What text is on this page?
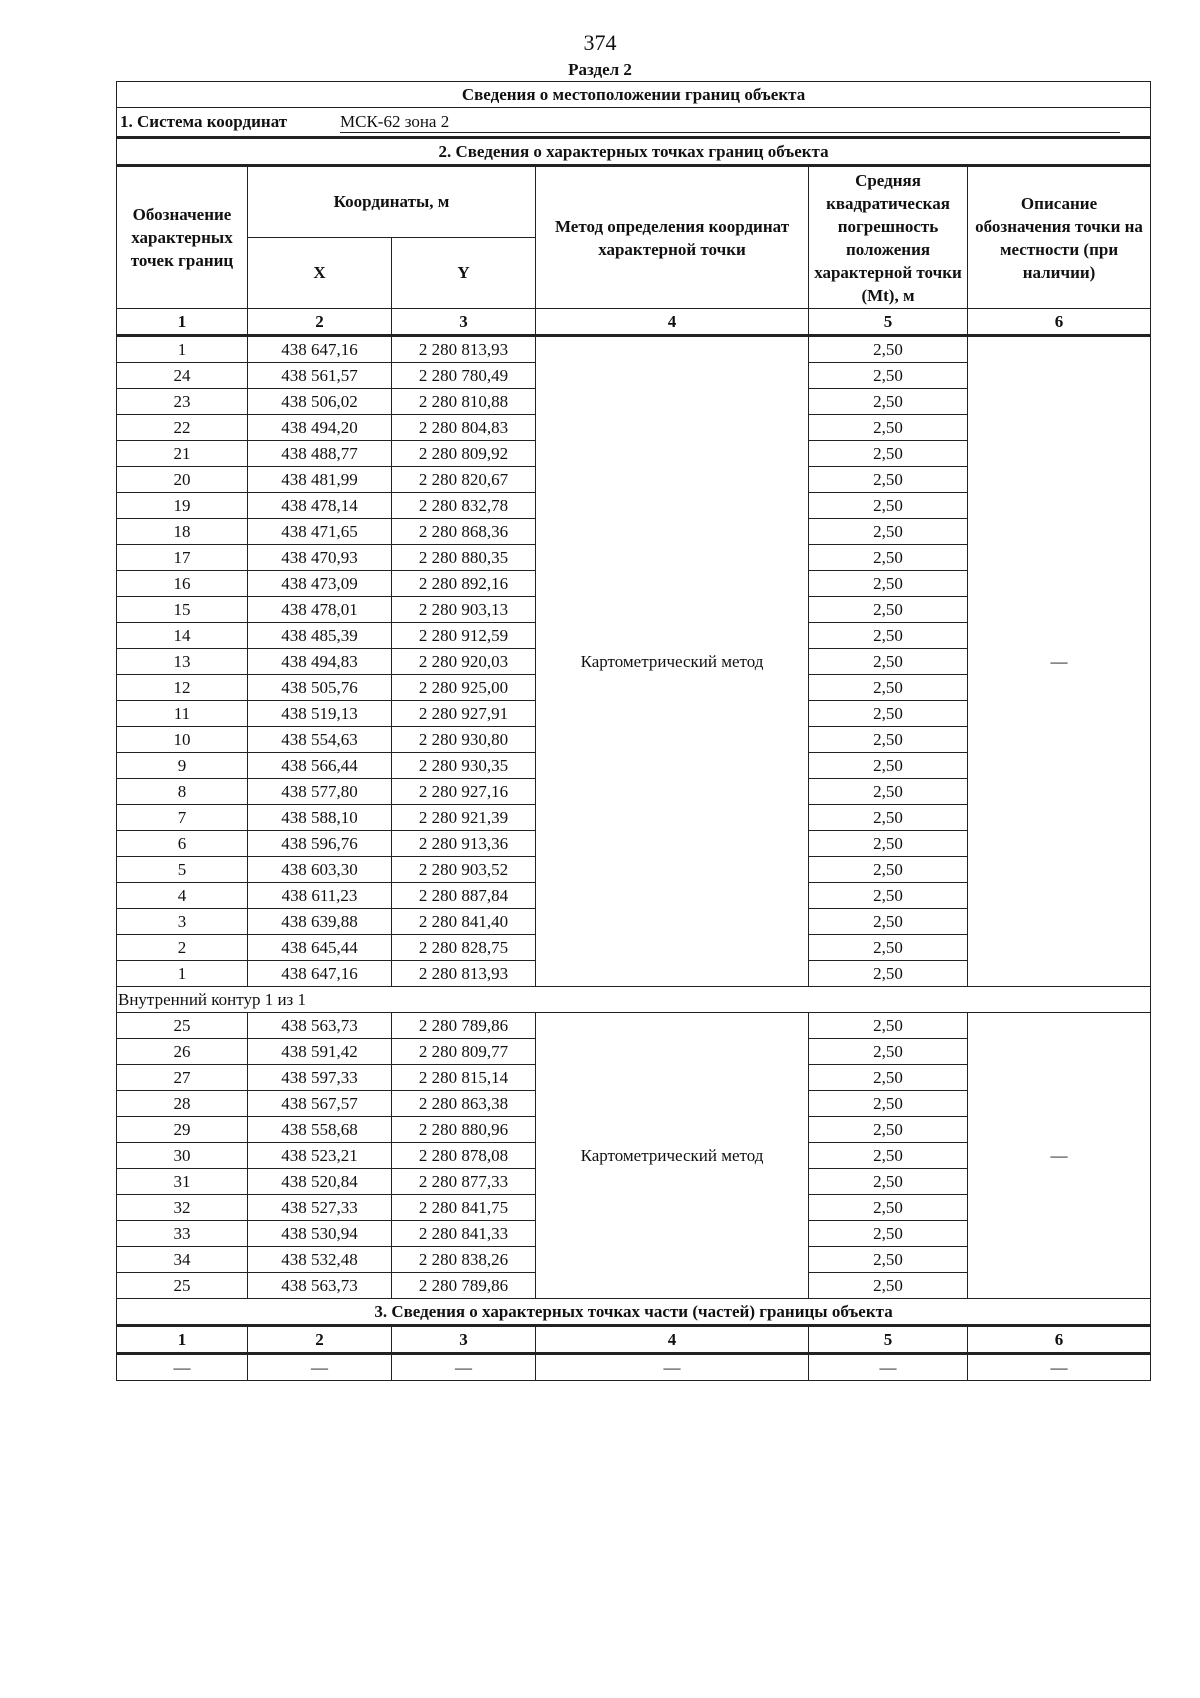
374
Раздел 2
Сведения о местоположении границ объекта					
1. Система координат МСК-62 зона 2					
2. Сведения о характерных точках границ объекта					
Обозначение характерных точек границ	Координаты, м		Метод определения координат характерной точки	Средняя квадратическая погрешность положения характерной точки (Mt), м	Описание обозначения точки на местности (при наличии)
	X	Y			
1	2	3	4	5	6
1	438 647,16	2 280 813,93	Картометрический метод	2,50	—
24	438 561,57	2 280 780,49		2,50	
23	438 506,02	2 280 810,88		2,50	
22	438 494,20	2 280 804,83		2,50	
21	438 488,77	2 280 809,92		2,50	
20	438 481,99	2 280 820,67		2,50	
19	438 478,14	2 280 832,78		2,50	
18	438 471,65	2 280 868,36		2,50	
17	438 470,93	2 280 880,35		2,50	
16	438 473,09	2 280 892,16		2,50	
15	438 478,01	2 280 903,13		2,50	
14	438 485,39	2 280 912,59		2,50	
13	438 494,83	2 280 920,03		2,50	
12	438 505,76	2 280 925,00		2,50	
11	438 519,13	2 280 927,91		2,50	
10	438 554,63	2 280 930,80		2,50	
9	438 566,44	2 280 930,35		2,50	
8	438 577,80	2 280 927,16		2,50	
7	438 588,10	2 280 921,39		2,50	
6	438 596,76	2 280 913,36		2,50	
5	438 603,30	2 280 903,52		2,50	
4	438 611,23	2 280 887,84		2,50	
3	438 639,88	2 280 841,40		2,50	
2	438 645,44	2 280 828,75		2,50	
1	438 647,16	2 280 813,93		2,50	
Внутренний контур 1 из 1					
25	438 563,73	2 280 789,86	Картометрический метод	2,50	—
26	438 591,42	2 280 809,77		2,50	
27	438 597,33	2 280 815,14		2,50	
28	438 567,57	2 280 863,38		2,50	
29	438 558,68	2 280 880,96		2,50	
30	438 523,21	2 280 878,08		2,50	
31	438 520,84	2 280 877,33		2,50	
32	438 527,33	2 280 841,75		2,50	
33	438 530,94	2 280 841,33		2,50	
34	438 532,48	2 280 838,26		2,50	
25	438 563,73	2 280 789,86		2,50	
3. Сведения о характерных точках части (частей) границы объекта					
1	2	3	4	5	6
—	—	—	—	—	—
